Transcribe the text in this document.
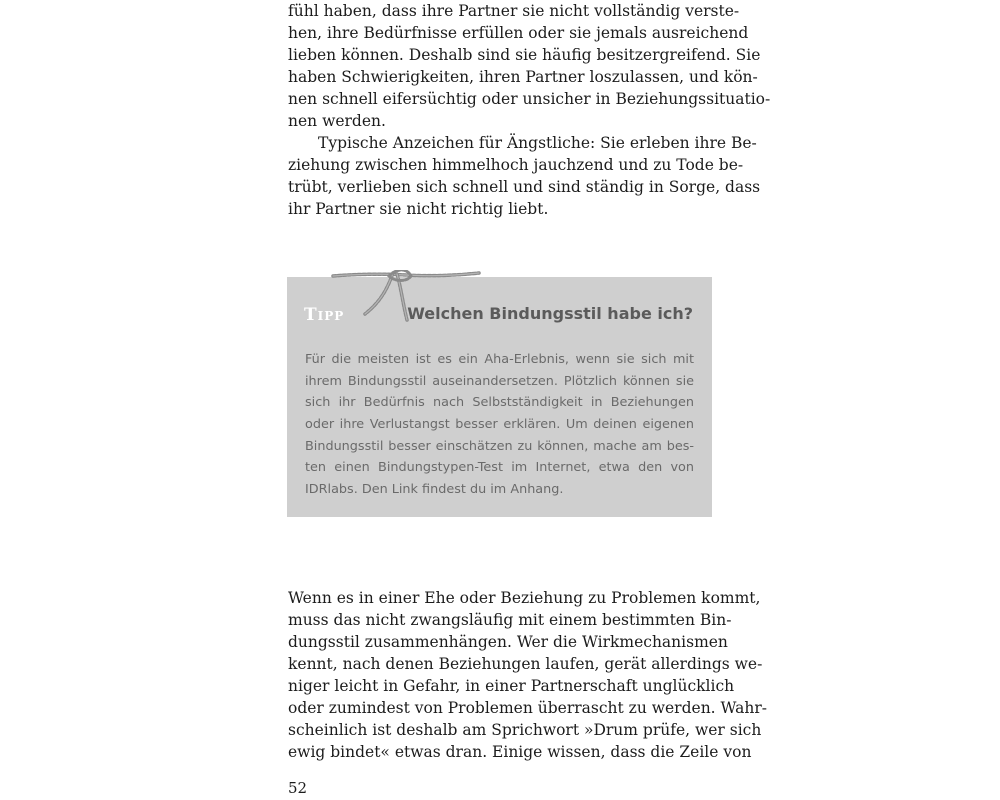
fühl haben, dass ihre Partner sie nicht vollständig verste-
hen, ihre Bedürfnisse erfüllen oder sie jemals ausreichend
lieben können. Deshalb sind sie häufig besitzergreifend. Sie
haben Schwierigkeiten, ihren Partner loszulassen, und kön-
nen schnell eifersüchtig oder unsicher in Beziehungssituatio-
nen werden.
Typische Anzeichen für Ängstliche: Sie erleben ihre Be-
ziehung zwischen himmelhoch jauchzend und zu Tode be-
trübt, verlieben sich schnell und sind ständig in Sorge, dass
ihr Partner sie nicht richtig liebt.
Tipp	Welchen Bindungsstil habe ich?
Für die meisten ist es ein Aha-Erlebnis, wenn sie sich mit
ihrem Bindungsstil auseinandersetzen. Plötzlich können sie
sich ihr Bedürfnis nach Selbstständigkeit in Beziehungen
oder ihre Verlustangst besser erklären. Um deinen eigenen
Bindungsstil besser einschätzen zu können, mache am bes-
ten einen Bindungstypen-Test im Internet, etwa den von
IDRlabs. Den Link findest du im Anhang.
Wenn es in einer Ehe oder Beziehung zu Problemen kommt,
muss das nicht zwangsläufig mit einem bestimmten Bin-
dungsstil zusammenhängen. Wer die Wirkmechanismen
kennt, nach denen Beziehungen laufen, gerät allerdings we-
niger leicht in Gefahr, in einer Partnerschaft unglücklich
oder zumindest von Problemen überrascht zu werden. Wahr-
scheinlich ist deshalb am Sprichwort »Drum prüfe, wer sich
ewig bindet« etwas dran. Einige wissen, dass die Zeile von
52
